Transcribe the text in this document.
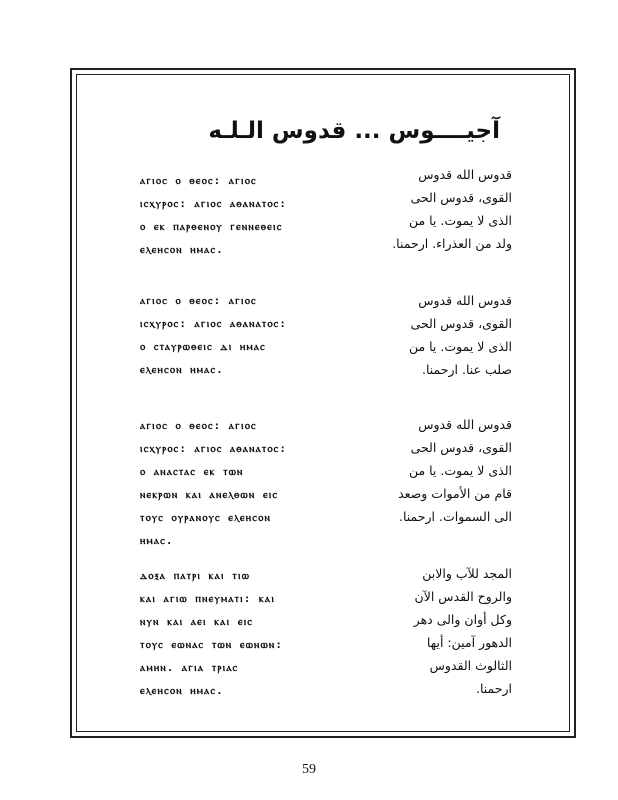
آجيــــوس ... قدوس الـلـه
ⲁⲅⲓⲟⲥ ⲟ ⲑⲉⲟⲥ: ⲁⲅⲓⲟⲥ
ⲓⲥⲭⲩⲣⲟⲥ: ⲁⲅⲓⲟⲥ ⲁⲑⲁⲛⲁⲧⲟⲥ:
ⲟ ⲉⲕ ⲡⲁⲣⲑⲉⲛⲟⲩ ⲅⲉⲛⲛⲉⲑⲉⲓⲥ
ⲉⲗⲉⲏⲥⲟⲛ ⲏⲙⲁⲥ.
قدوس الله قدوس
القوى، قدوس الحى
الذى لا يموت. يا من
ولد من العذراء. ارحمنا.
ⲁⲅⲓⲟⲥ ⲟ ⲑⲉⲟⲥ: ⲁⲅⲓⲟⲥ
ⲓⲥⲭⲩⲣⲟⲥ: ⲁⲅⲓⲟⲥ ⲁⲑⲁⲛⲁⲧⲟⲥ:
ⲟ ⲥⲧⲁⲩⲣⲱⲑⲉⲓⲥ ⲇⲓ ⲏⲙⲁⲥ
ⲉⲗⲉⲏⲥⲟⲛ ⲏⲙⲁⲥ.
قدوس الله قدوس
القوى، قدوس الحى
الذى لا يموت. يا من
صلب عنا. ارحمنا.
ⲁⲅⲓⲟⲥ ⲟ ⲑⲉⲟⲥ: ⲁⲅⲓⲟⲥ
ⲓⲥⲭⲩⲣⲟⲥ: ⲁⲅⲓⲟⲥ ⲁⲑⲁⲛⲁⲧⲟⲥ:
ⲟ ⲁⲛⲁⲥⲧⲁⲥ ⲉⲕ ⲧⲱⲛ
ⲛⲉⲕⲣⲱⲛ ⲕⲁⲓ ⲁⲛⲉⲗⲑⲱⲛ ⲉⲓⲥ
ⲧⲟⲩⲥ ⲟⲩⲣⲁⲛⲟⲩⲥ ⲉⲗⲉⲏⲥⲟⲛ
ⲏⲙⲁⲥ.
قدوس الله قدوس
القوى، قدوس الحى
الذى لا يموت. يا من
قام من الأموات وصعد
الى السموات. ارحمنا.
ⲇⲟⲝⲁ ⲡⲁⲧⲣⲓ ⲕⲁⲓ ⲧⲓⲱ
ⲕⲁⲓ ⲁⲅⲓⲱ ⲡⲛⲉⲩⲙⲁⲧⲓ: ⲕⲁⲓ
ⲛⲩⲛ ⲕⲁⲓ ⲁⲉⲓ ⲕⲁⲓ ⲉⲓⲥ
ⲧⲟⲩⲥ ⲉⲱⲛⲁⲥ ⲧⲱⲛ ⲉⲱⲛⲱⲛ:
ⲁⲙⲏⲛ. ⲁⲅⲓⲁ ⲧⲣⲓⲁⲥ
ⲉⲗⲉⲏⲥⲟⲛ ⲏⲙⲁⲥ.
المجد للآب والابن
والروح القدس الآن
وكل أوان والى دهر
الدهور آمين: أيها
الثالوث القدوس
ارحمنا.
59
